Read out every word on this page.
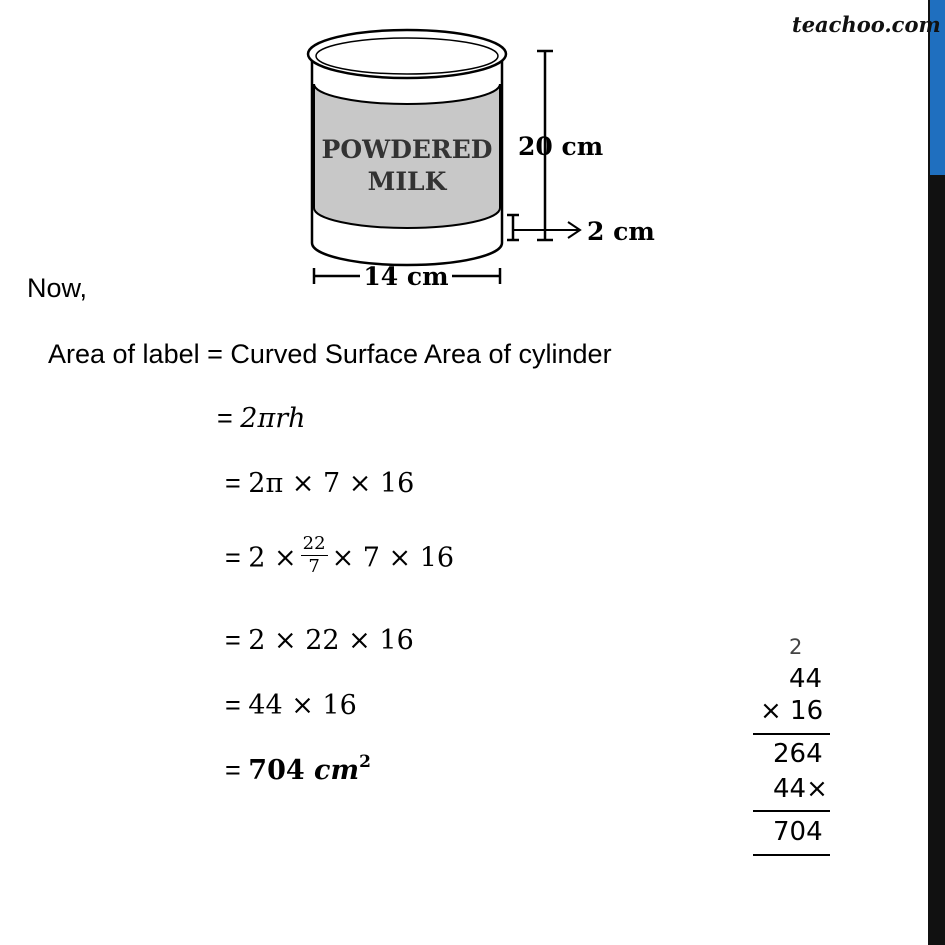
teachoo.com
POWDERED
MILK
20 cm
2 cm
14 cm
Now,
Area of label = Curved Surface Area of cylinder
= 2πrh
= 2π × 7 × 16
= $2 \times \frac{22}{7} \times 7 \times 16$
= 2 × 22 × 16
= 44 × 16
= 704 $cm^2$
2
44
× 16
264
44×
704
